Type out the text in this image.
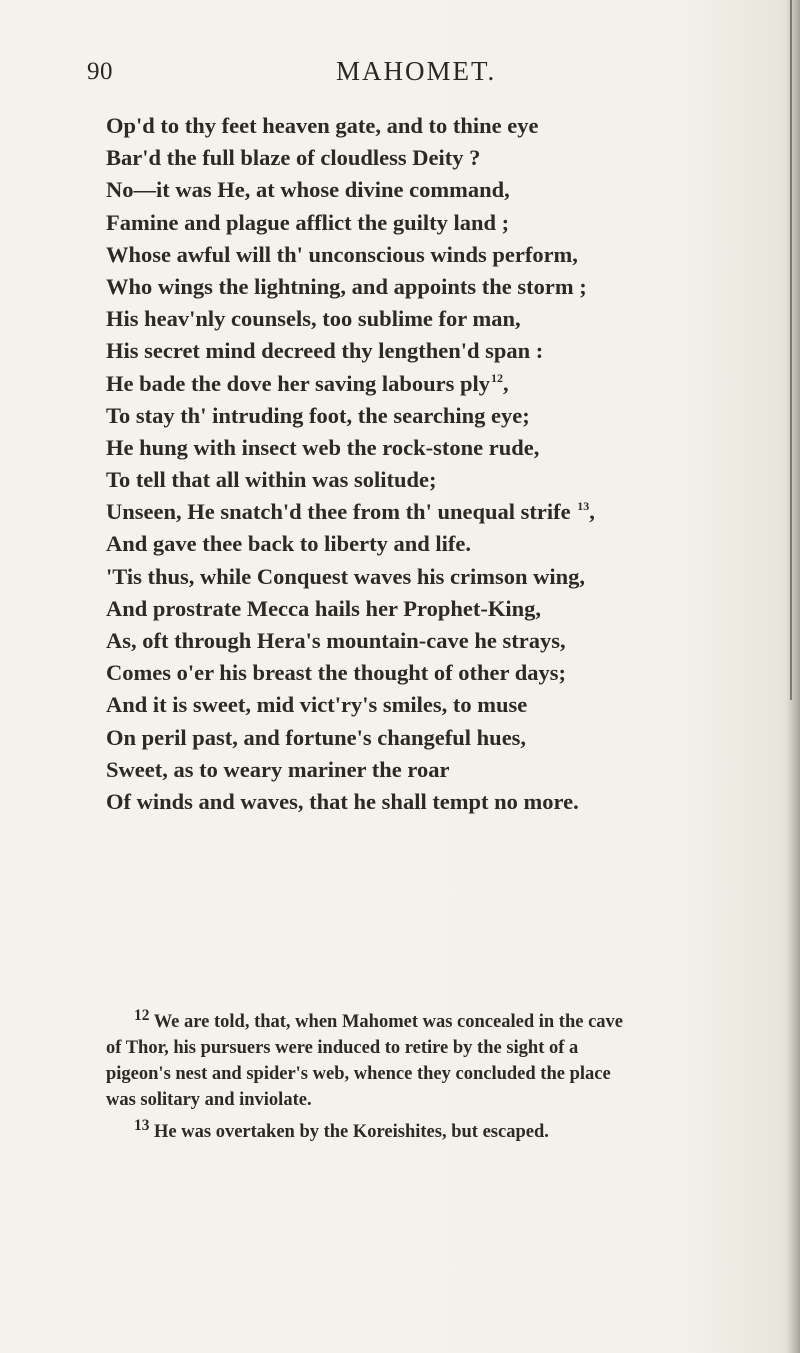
90	MAHOMET.
Op'd to thy feet heaven gate, and to thine eye
Bar'd the full blaze of cloudless Deity ?
No—it was He, at whose divine command,
Famine and plague afflict the guilty land ;
Whose awful will th' unconscious winds perform,
Who wings the lightning, and appoints the storm ;
His heav'nly counsels, too sublime for man,
His secret mind decreed thy lengthen'd span :
He bade the dove her saving labours ply$^{12}$,
To stay th' intruding foot, the searching eye;
He hung with insect web the rock-stone rude,
To tell that all within was solitude;
Unseen, He snatch'd thee from th' unequal strife $^{13}$,
And gave thee back to liberty and life.
'Tis thus, while Conquest waves his crimson wing,
And prostrate Mecca hails her Prophet-King,
As, oft through Hera's mountain-cave he strays,
Comes o'er his breast the thought of other days;
And it is sweet, mid vict'ry's smiles, to muse
On peril past, and fortune's changeful hues,
Sweet, as to weary mariner the roar
Of winds and waves, that he shall tempt no more.
$^{12}$ We are told, that, when Mahomet was concealed in the cave
of Thor, his pursuers were induced to retire by the sight of a
pigeon's nest and spider's web, whence they concluded the place
was solitary and inviolate.
$^{13}$ He was overtaken by the Koreishites, but escaped.
